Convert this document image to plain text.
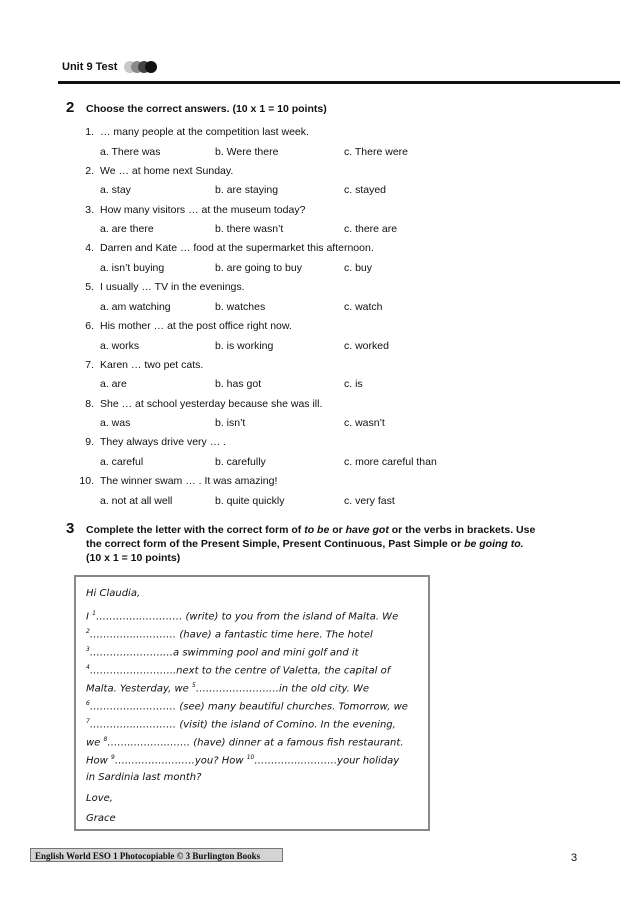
Unit 9 Test
2 Choose the correct answers. (10 x 1 = 10 points)
1. … many people at the competition last week.
a. There was	b. Were there	c. There were
2. We … at home next Sunday.
a. stay	b. are staying	c. stayed
3. How many visitors … at the museum today?
a. are there	b. there wasn’t	c. there are
4. Darren and Kate … food at the supermarket this afternoon.
a. isn’t buying	b. are going to buy	c. buy
5. I usually … TV in the evenings.
a. am watching	b. watches	c. watch
6. His mother … at the post office right now.
a. works	b. is working	c. worked
7. Karen … two pet cats.
a. are	b. has got	c. is
8. She … at school yesterday because she was ill.
a. was	b. isn’t	c. wasn’t
9. They always drive very … .
a. careful	b. carefully	c. more careful than
10. The winner swam … . It was amazing!
a. not at all well	b. quite quickly	c. very fast
3 Complete the letter with the correct form of to be or have got or the verbs in brackets. Use
the correct form of the Present Simple, Present Continuous, Past Simple or be going to.
(10 x 1 = 10 points)
Hi Claudia,
I $^1$…………..………… (write) to you from the island of Malta. We
$^2$…………..………… (have) a fantastic time here. The hotel
$^3$………………….…a swimming pool and mini golf and it
$^4$……………………..next to the centre of Valetta, the capital of
Malta. Yesterday, we $^5$………………….…in the old city. We
$^6$…………..………… (see) many beautiful churches. Tomorrow, we
$^7$…………..………… (visit) the island of Comino. In the evening,
we $^8$……..……….……. (have) dinner at a famous fish restaurant.
How $^9$……………………you? How $^{10}$…………..………..your holiday
in Sardinia last month?
Love,
Grace
English World ESO 1 Photocopiable © 3 Burlington Books	3
